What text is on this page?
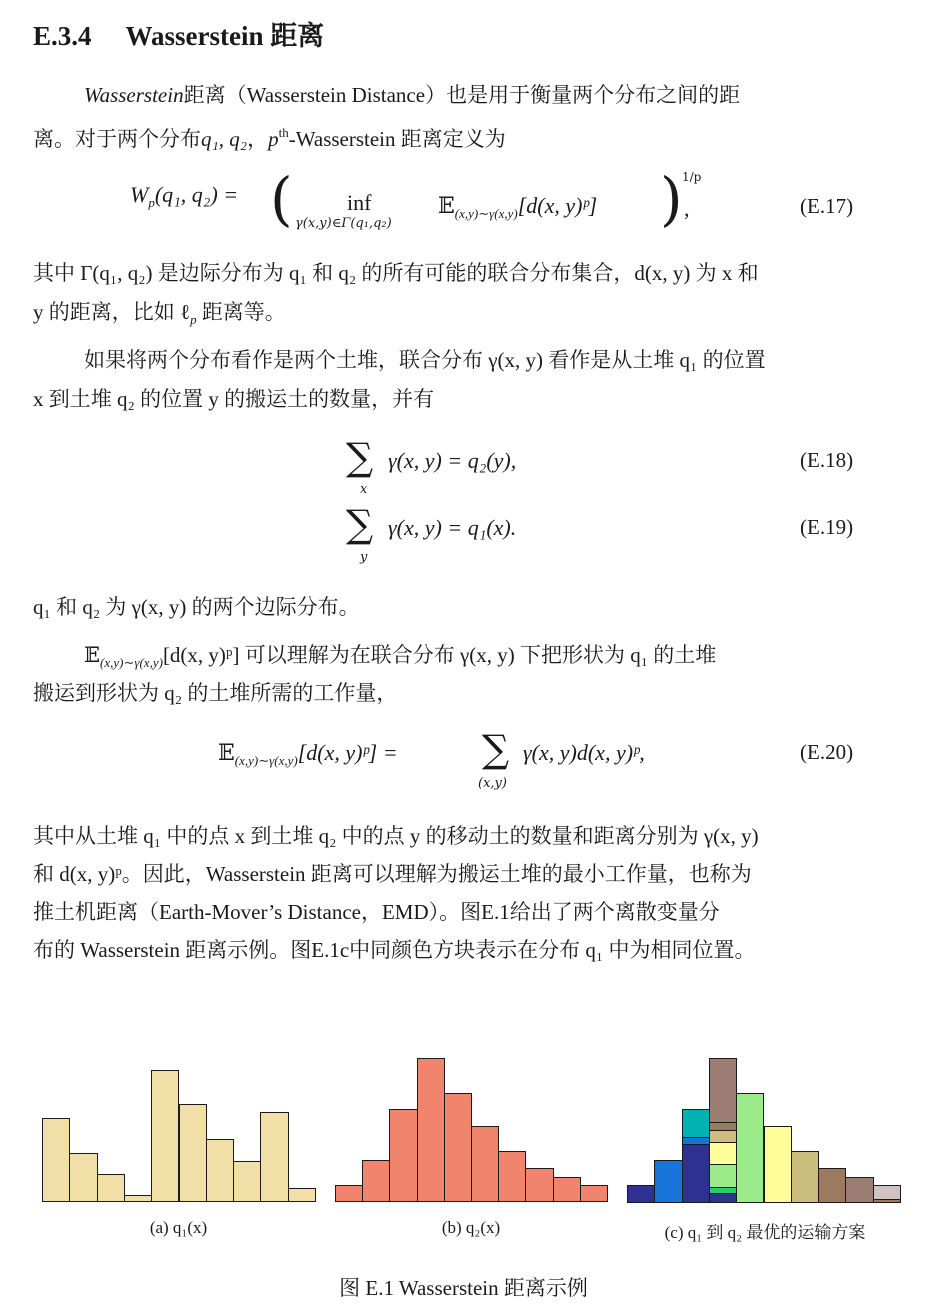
E.3.4 Wasserstein 距离
Wasserstein距离（Wasserstein Distance）也是用于衡量两个分布之间的距
离。对于两个分布q₁, q₂，$p^{th}$-Wasserstein 距离定义为
$W_p(q_1$, q₂) = ( inf
γ(x,y)∈Γ(q₁,q₂)
𝔼$_{(x,y)\sim\gamma(x,y)}$[d(x, y)ᵖ] ) 1/p
,	(E.17)
其中 Γ(q₁, q₂) 是边际分布为 q₁ 和 q₂ 的所有可能的联合分布集合，d(x, y) 为 x 和
y 的距离，比如 ℓ$_p$ 距离等。
如果将两个分布看作是两个土堆，联合分布 γ(x, y) 看作是从土堆 q₁ 的位置
x 到土堆 q₂ 的位置 y 的搬运土的数量，并有
∑
x
γ(x, y) = q₂(y),	(E.18)
∑
y
γ(x, y) = q₁(x).	(E.19)
q₁ 和 q₂ 为 γ(x, y) 的两个边际分布。
𝔼$_{(x,y)\sim\gamma(x,y)}$[d(x, y)ᵖ] 可以理解为在联合分布 γ(x, y) 下把形状为 q₁ 的土堆
搬运到形状为 q₂ 的土堆所需的工作量，
𝔼$_{(x,y)\sim\gamma(x,y)}$[d(x, y)ᵖ] = ∑
(x,y)
γ(x, y)d(x, y)ᵖ,	(E.20)
其中从土堆 q₁ 中的点 x 到土堆 q₂ 中的点 y 的移动土的数量和距离分别为 γ(x, y)
和 d(x, y)ᵖ。因此，Wasserstein 距离可以理解为搬运土堆的最小工作量，也称为
推土机距离（Earth-Mover’s Distance，EMD）。图E.1给出了两个离散变量分
布的 Wasserstein 距离示例。图E.1c中同颜色方块表示在分布 q₁ 中为相同位置。
(a) q₁(x)	(b) q₂(x)	(c) q₁ 到 q₂ 最优的运输方案
图 E.1 Wasserstein 距离示例
